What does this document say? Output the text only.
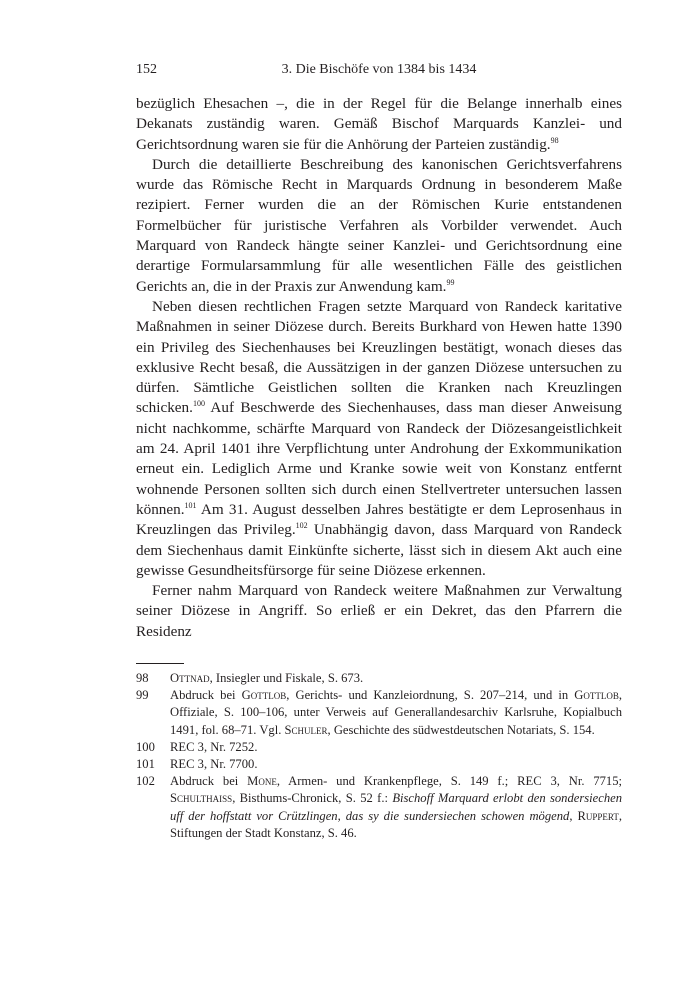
152	3. Die Bischöfe von 1384 bis 1434

bezüglich Ehesachen –, die in der Regel für die Belange innerhalb eines Dekanats zuständig waren. Gemäß Bischof Marquards Kanzlei- und Gerichtsordnung waren sie für die Anhörung der Parteien zuständig.$^{98}$

Durch die detaillierte Beschreibung des kanonischen Gerichtsverfahrens wurde das Römische Recht in Marquards Ordnung in besonderem Maße rezipiert. Ferner wurden die an der Römischen Kurie entstandenen Formelbücher für juristische Verfahren als Vorbilder verwendet. Auch Marquard von Randeck hängte seiner Kanzlei- und Gerichtsordnung eine derartige Formularsammlung für alle wesentlichen Fälle des geistlichen Gerichts an, die in der Praxis zur Anwendung kam.$^{99}$

Neben diesen rechtlichen Fragen setzte Marquard von Randeck karitative Maßnahmen in seiner Diözese durch. Bereits Burkhard von Hewen hatte 1390 ein Privileg des Siechenhauses bei Kreuzlingen bestätigt, wonach dieses das exklusive Recht besaß, die Aussätzigen in der ganzen Diözese untersuchen zu dürfen. Sämtliche Geistlichen sollten die Kranken nach Kreuzlingen schicken.$^{100}$ Auf Beschwerde des Siechenhauses, dass man dieser Anweisung nicht nachkomme, schärfte Marquard von Randeck der Diözesangeistlichkeit am 24. April 1401 ihre Verpflichtung unter Androhung der Exkommunikation erneut ein. Lediglich Arme und Kranke sowie weit von Konstanz entfernt wohnende Personen sollten sich durch einen Stellvertreter untersuchen lassen können.$^{101}$ Am 31. August desselben Jahres bestätigte er dem Leprosenhaus in Kreuzlingen das Privileg.$^{102}$ Unabhängig davon, dass Marquard von Randeck dem Siechenhaus damit Einkünfte sicherte, lässt sich in diesem Akt auch eine gewisse Gesundheitsfürsorge für seine Diözese erkennen.

Ferner nahm Marquard von Randeck weitere Maßnahmen zur Verwaltung seiner Diözese in Angriff. So erließ er ein Dekret, das den Pfarrern die Residenz

98 Ottnad, Insiegler und Fiskale, S. 673.
99 Abdruck bei Gottlob, Gerichts- und Kanzleiordnung, S. 207–214, und in Gottlob, Offiziale, S. 100–106, unter Verweis auf Generallandesarchiv Karlsruhe, Kopialbuch 1491, fol. 68–71. Vgl. Schuler, Geschichte des südwestdeutschen Notariats, S. 154.
100 REC 3, Nr. 7252.
101 REC 3, Nr. 7700.
102 Abdruck bei Mone, Armen- und Krankenpflege, S. 149 f.; REC 3, Nr. 7715; Schulthaiss, Bisthums-Chronick, S. 52 f.: Bischoff Marquard erlobt den sondersiechen uff der hoffstatt vor Crützlingen, das sy die sundersiechen schowen mögend, Ruppert, Stiftungen der Stadt Konstanz, S. 46.
